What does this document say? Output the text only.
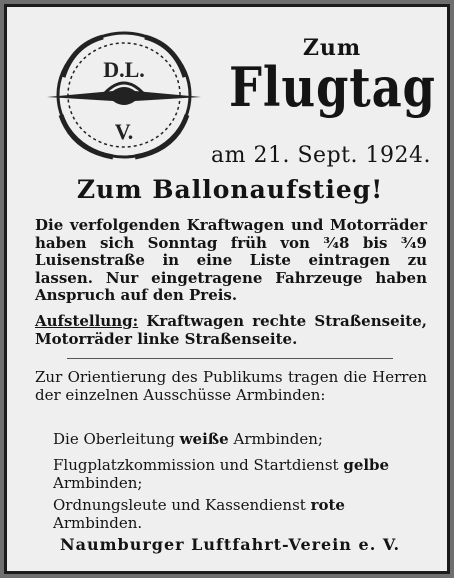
D.L.
V.
Zum
Flugtag
am 21. Sept. 1924.
Zum Ballonaufstieg!
Die verfolgenden Kraftwagen und Motorräder haben sich Sonntag früh von ³⁄₄8 bis ³⁄₄9 Luisenstraße in eine Liste eintragen zu lassen. Nur eingetragene Fahrzeuge haben Anspruch auf den Preis.
Aufstellung: Kraftwagen rechte Straßenseite, Motorräder linke Straßenseite.
Zur Orientierung des Publikums tragen die Herren der einzelnen Ausschüsse Armbinden:
Die Oberleitung weiße Armbinden;
Flugplatzkommission und Startdienst gelbe Armbinden;
Ordnungsleute und Kassendienst rote Armbinden.
Naumburger Luftfahrt-Verein e. V.
